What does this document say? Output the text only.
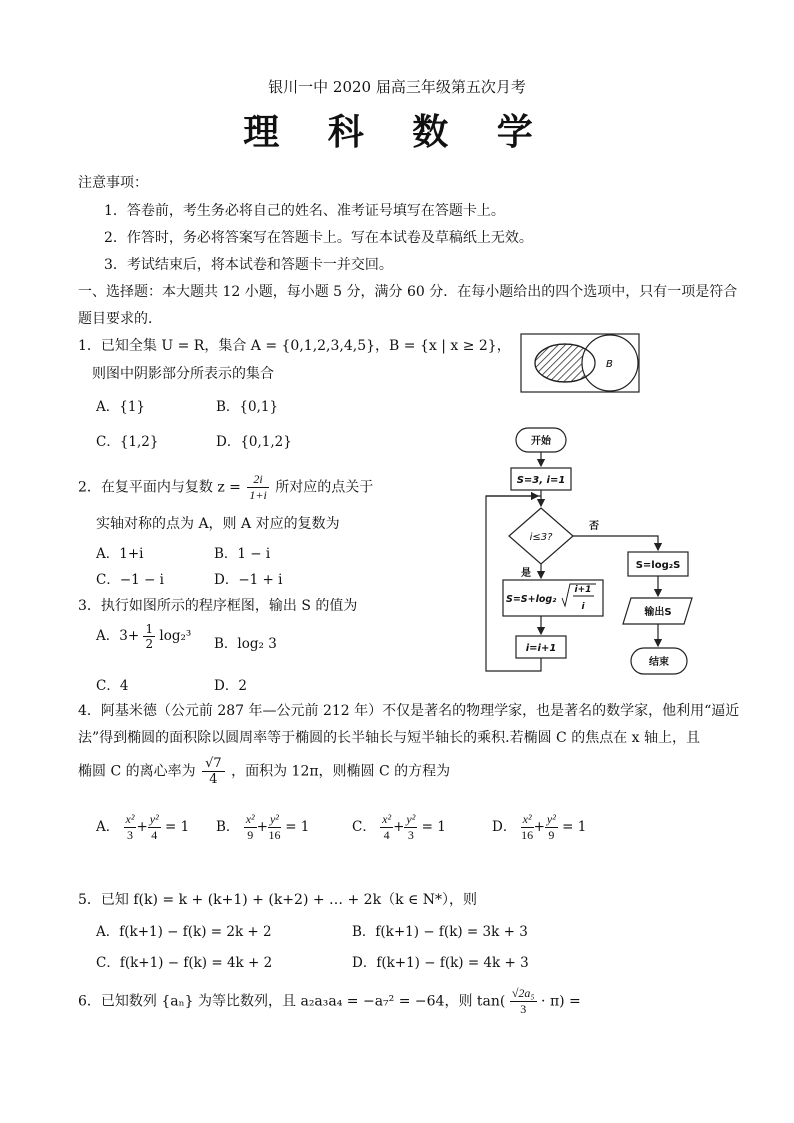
银川一中 2020 届高三年级第五次月考
理 科 数 学
注意事项：
1．答卷前，考生务必将自己的姓名、准考证号填写在答题卡上。
2．作答时，务必将答案写在答题卡上。写在本试卷及草稿纸上无效。
3．考试结束后，将本试卷和答题卡一并交回。
一、选择题：本大题共 12 小题，每小题 5 分，满分 60 分．在每小题给出的四个选项中，只有一项是符合
题目要求的．
1．已知全集 U = R，集合 A = {0,1,2,3,4,5}，B = {x | x ≥ 2}，
则图中阴影部分所表示的集合
A．{1}	B．{0,1}
C．{1,2}	D．{0,1,2}
B
2．在复平面内与复数 $z = \frac{2i}{1+i}$ 所对应的点关于
实轴对称的点为 A，则 A 对应的复数为
A．1+i	B．1 − i
C．−1 − i	D．−1 + i
3．执行如图所示的程序框图，输出 S 的值为
A．$3+ \frac{1}{2} \log_2^3$ B．log₂ 3
C．4	D．2
开始
S=3, i=1
i≤3?
是
否
S=S+log₂
i+1
i
i=i+1
S=log₂S
输出S
结束
4．阿基米德（公元前 287 年—公元前 212 年）不仅是著名的物理学家，也是著名的数学家，他利用“逼近
法”得到椭圆的面积除以圆周率等于椭圆的长半轴长与短半轴长的乘积.若椭圆 C 的焦点在 x 轴上，且
椭圆 C 的离心率为 $\frac{√7}{4}$ ，面积为 12π，则椭圆 C 的方程为
A． $\frac{\text{x²}}{3} + \frac{\text{y²}}{4} = 1$ B． $\frac{\text{x²}}{9} + \frac{\text{y²}}{16} = 1$	C． $\frac{\text{x²}}{4} + \frac{\text{y²}}{3} = 1$	D． $\frac{\text{x²}}{16} + \frac{\text{y²}}{9} = 1$
5．已知 f(k) = k + (k+1) + (k+2) + … + 2k（k ∈ N*），则
A．f(k+1) − f(k) = 2k + 2	B．f(k+1) − f(k) = 3k + 3
C．f(k+1) − f(k) = 4k + 2	D．f(k+1) − f(k) = 4k + 3
6．已知数列 {aₙ} 为等比数列，且 a₂a₃a₄ = −a₇² = −64，则 $\tan( \frac{\text{√2a₅}}{3} \cdot \pi)$ =
